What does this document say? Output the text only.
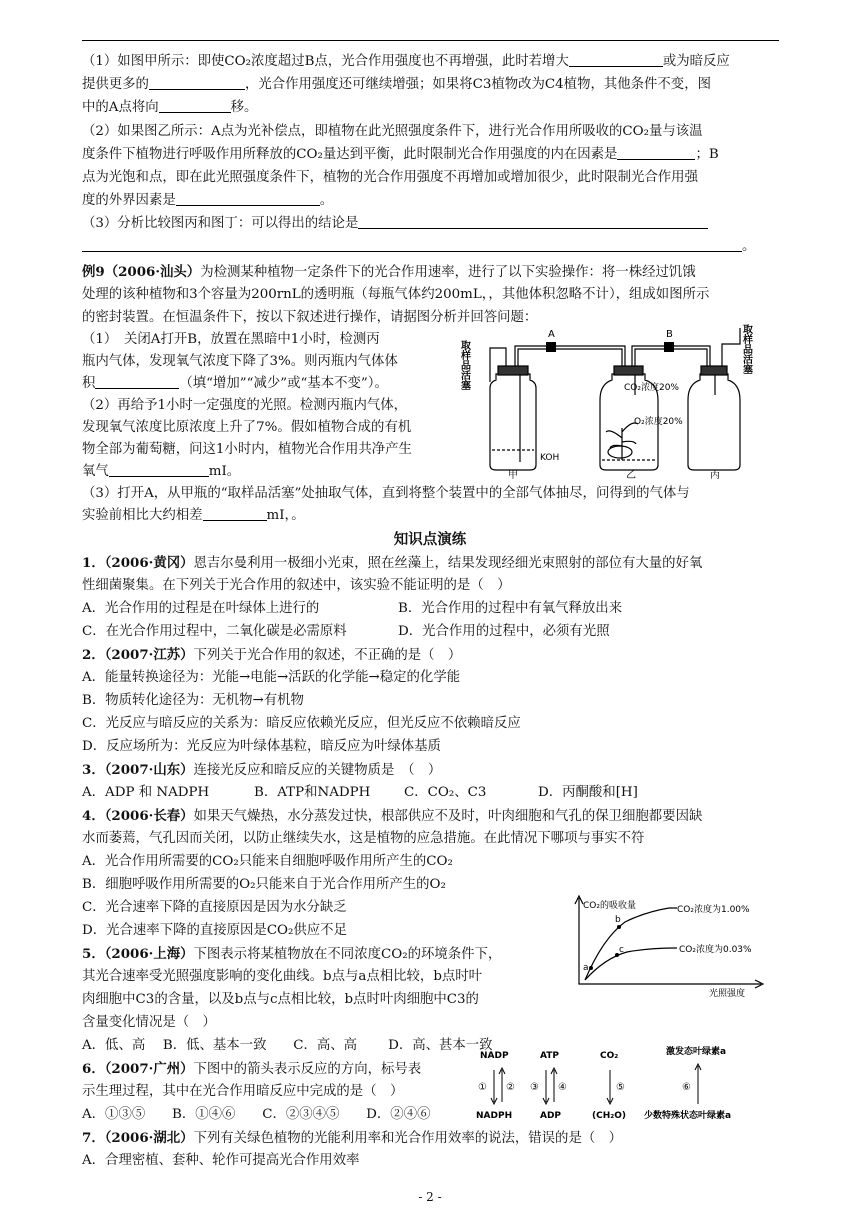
（1）如图甲所示：即使CO₂浓度超过B点，光合作用强度也不再增强，此时若增大	或为暗反应
提供更多的	，光合作用强度还可继续增强；如果将C3植物改为C4植物，其他条件不变，图
中的A点将向	移。
（2）如果图乙所示：A点为光补偿点，即植物在此光照强度条件下，进行光合作用所吸收的CO₂量与该温
度条件下植物进行呼吸作用所释放的CO₂量达到平衡，此时限制光合作用强度的内在因素是	；B
点为光饱和点，即在此光照强度条件下，植物的光合作用强度不再增加或增加很少，此时限制光合作用强
度的外界因素是	。
（3）分析比较图丙和图丁：可以得出的结论是
。
例9（2006·汕头）为检测某种植物一定条件下的光合作用速率，进行了以下实验操作：将一株经过饥饿
处理的该种植物和3个容量为200rnL的透明瓶（每瓶气体约200mL，，其他体积忽略不计），组成如图所示
的密封装置。在恒温条件下，按以下叙述进行操作，请据图分析并回答问题：
（1）　关闭A打开B，放置在黑暗中1小时，检测丙
瓶内气体，发现氧气浓度下降了3%。则丙瓶内气体体
积	（填“增加”“减少”或“基本不变”）。
（2）再给予1小时一定强度的光照。检测丙瓶内气体，
发现氧气浓度比原浓度上升了7%。假如植物合成的有机
物全部为葡萄糖，问这1小时内，植物光合作用共净产生
氧气	mI。
（3）打开A，从甲瓶的“取样品活塞”处抽取气体，直到将整个装置中的全部气体抽尽，问得到的气体与
实验前相比大约相差	mI，。
A	B
取样品活塞	取样品活塞
CO₂浓度20%
O₂浓度20%
KOH
甲	乙	丙
知识点演练
1．（2006·黄冈）恩吉尔曼利用一极细小光束，照在丝藻上，结果发现经细光束照射的部位有大量的好氧
性细菌聚集。在下列关于光合作用的叙述中，该实验不能证明的是（　）
A．光合作用的过程是在叶绿体上进行的	B．光合作用的过程中有氧气释放出来
C．在光合作用过程中，二氧化碳是必需原料	D．光合作用的过程中，必须有光照
2．（2007·江苏）下列关于光合作用的叙述，不正确的是（　）
A．能量转换途径为：光能→电能→活跃的化学能→稳定的化学能
B．物质转化途径为：无机物→有机物
C．光反应与暗反应的关系为：暗反应依赖光反应，但光反应不依赖暗反应
D．反应场所为：光反应为叶绿体基粒，暗反应为叶绿体基质
3．（2007·山东）连接光反应和暗反应的关键物质是　（　）
A．ADP 和 NADPH	B．ATP和NADPH	C．CO₂、C3	D．丙酮酸和[H]
4．（2006·长春）如果天气燥热，水分蒸发过快，根部供应不及时，叶肉细胞和气孔的保卫细胞都要因缺
水而萎蔫，气孔因而关闭，以防止继续失水，这是植物的应急措施。在此情况下哪项与事实不符
A．光合作用所需要的CO₂只能来自细胞呼吸作用所产生的CO₂
B．细胞呼吸作用所需要的O₂只能来自于光合作用所产生的O₂
C．光合速率下降的直接原因是因为水分缺乏
D．光合速率下降的直接原因是CO₂供应不足
5．（2006·上海）下图表示将某植物放在不同浓度CO₂的环境条件下，
其光合速率受光照强度影响的变化曲线。b点与a点相比较，b点时叶
肉细胞中C3的含量，以及b点与c点相比较，b点时叶肉细胞中C3的
含量变化情况是（　）
A．低、高　 B．低、基本一致　　C．高、高　　 D．高、甚本一致
CO₂的吸收量
光照强度
CO₂浓度为1.00%
CO₂浓度为0.03%
a
b
c
6．（2007·广州）下图中的箭头表示反应的方向，标号表
示生理过程，其中在光合作用暗反应中完成的是（　）
A．①③⑤　　B．①④⑥　　C．②③④⑤　　D．②④⑥
NADP
NADPH
ATP
ADP
CO₂
(CH₂O)
① ② ③ ④	⑤	⑥
激发态叶绿素a
少数特殊状态叶绿素a
7．（2006·湖北）下列有关绿色植物的光能利用率和光合作用效率的说法，错误的是（　）
A．合理密植、套种、轮作可提高光合作用效率
- 2 -
